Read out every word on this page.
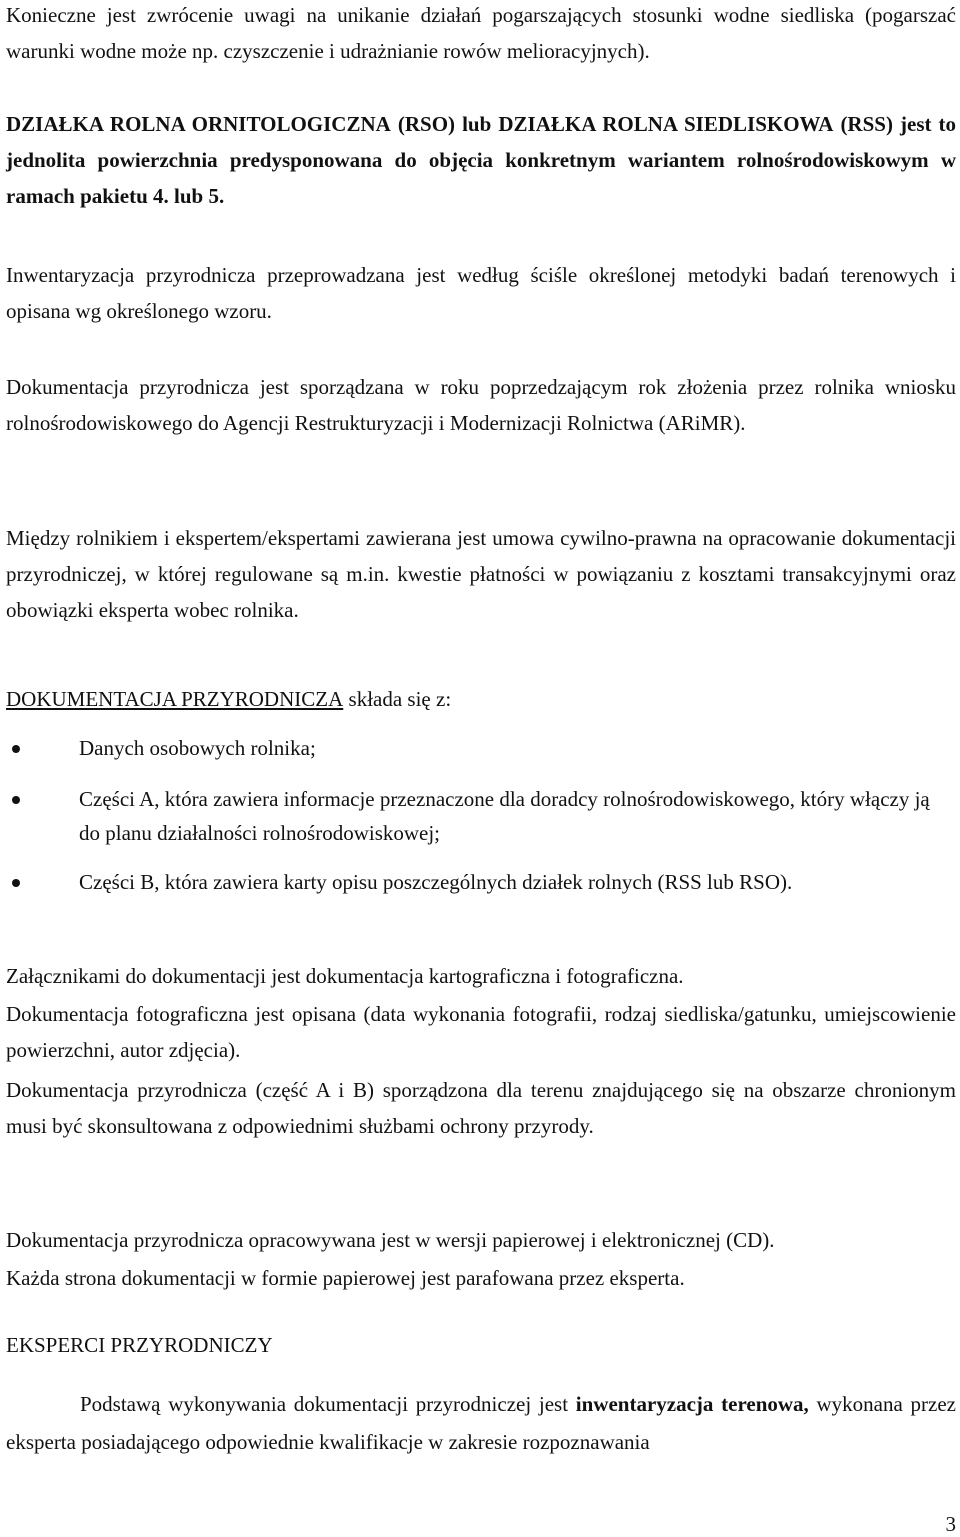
Konieczne jest zwrócenie uwagi na unikanie działań pogarszających stosunki wodne siedliska (pogarszać warunki wodne może np. czyszczenie i udrażnianie rowów melioracyjnych).

DZIAŁKA ROLNA ORNITOLOGICZNA (RSO) lub DZIAŁKA ROLNA SIEDLISKOWA (RSS) jest to jednolita powierzchnia predysponowana do objęcia konkretnym wariantem rolnośrodowiskowym w ramach pakietu 4. lub 5.

Inwentaryzacja przyrodnicza przeprowadzana jest według ściśle określonej metodyki badań terenowych i opisana wg określonego wzoru.

Dokumentacja przyrodnicza jest sporządzana w roku poprzedzającym rok złożenia przez rolnika wniosku rolnośrodowiskowego do Agencji Restrukturyzacji i Modernizacji Rolnictwa (ARiMR).

Między rolnikiem i ekspertem/ekspertami zawierana jest umowa cywilno-prawna na opracowanie dokumentacji przyrodniczej, w której regulowane są m.in. kwestie płatności w powiązaniu z kosztami transakcyjnymi oraz obowiązki eksperta wobec rolnika.

DOKUMENTACJA PRZYRODNICZA składa się z:

Danych osobowych rolnika;

Części A, która zawiera informacje przeznaczone dla doradcy rolnośrodowiskowego, który włączy ją do planu działalności rolnośrodowiskowej;

Części B, która zawiera karty opisu poszczególnych działek rolnych (RSS lub RSO).

Załącznikami do dokumentacji jest dokumentacja kartograficzna i fotograficzna.

Dokumentacja fotograficzna jest opisana (data wykonania fotografii, rodzaj siedliska/gatunku, umiejscowienie powierzchni, autor zdjęcia).

Dokumentacja przyrodnicza (część A i B) sporządzona dla terenu znajdującego się na obszarze chronionym musi być skonsultowana z odpowiednimi służbami ochrony przyrody.

Dokumentacja przyrodnicza opracowywana jest w wersji papierowej i elektronicznej (CD).

Każda strona dokumentacji w formie papierowej jest parafowana przez eksperta.

EKSPERCI PRZYRODNICZY

Podstawą wykonywania dokumentacji przyrodniczej jest inwentaryzacja terenowa, wykonana przez eksperta posiadającego odpowiednie kwalifikacje w zakresie rozpoznawania

3
